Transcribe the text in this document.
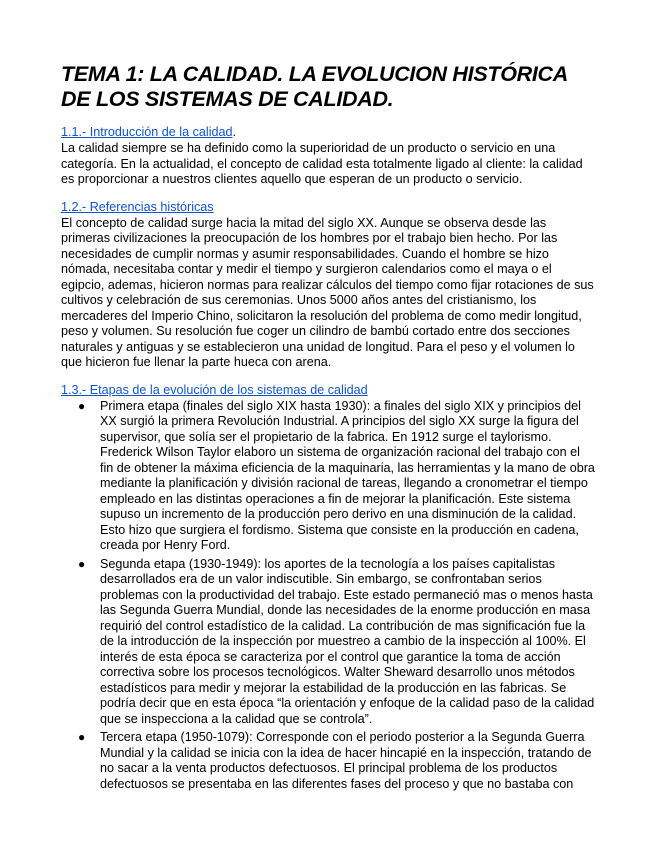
TEMA 1: LA CALIDAD. LA EVOLUCION HISTÓRICA DE LOS SISTEMAS DE CALIDAD.
1.1.- Introducción de la calidad.

La calidad siempre se ha definido como la superioridad de un producto o servicio en una categoría. En la actualidad, el concepto de calidad esta totalmente ligado al cliente: la calidad es proporcionar a nuestros clientes aquello que esperan de un producto o servicio.

1.2.- Referencias históricas

El concepto de calidad surge hacia la mitad del siglo XX. Aunque se observa desde las primeras civilizaciones la preocupación de los hombres por el trabajo bien hecho. Por las necesidades de cumplir normas y asumir responsabilidades. Cuando el hombre se hizo nómada, necesitaba contar y medir el tiempo y surgieron calendarios como el maya o el egipcio, ademas, hicieron normas para realizar cálculos del tiempo como fijar rotaciones de sus cultivos y celebración de sus ceremonias. Unos 5000 años antes del cristianismo, los mercaderes del Imperio Chino, solicitaron la resolución del problema de como medir longitud, peso y volumen. Su resolución fue coger un cilindro de bambú cortado entre dos secciones naturales y antiguas y se establecieron una unidad de longitud. Para el peso y el volumen lo que hicieron fue llenar la parte hueca con arena.

1.3.- Etapas de la evolución de los sistemas de calidad
● Primera etapa (finales del siglo XIX hasta 1930): a finales del siglo XIX y principios del XX surgió la primera Revolución Industrial. A principios del siglo XX surge la figura del supervisor, que solía ser el propietario de la fabrica. En 1912 surge el taylorismo. Frederick Wilson Taylor elaboro un sistema de organización racional del trabajo con el fin de obtener la máxima eficiencia de la maquinaria, las herramientas y la mano de obra mediante la planificación y división racional de tareas, llegando a cronometrar el tiempo empleado en las distintas operaciones a fin de mejorar la planificación. Este sistema supuso un incremento de la producción pero derivo en una disminución de la calidad. Esto hizo que surgiera el fordismo. Sistema que consiste en la producción en cadena, creada por Henry Ford.
● Segunda etapa (1930-1949): los aportes de la tecnología a los países capitalistas desarrollados era de un valor indiscutible. Sin embargo, se confrontaban serios problemas con la productividad del trabajo. Este estado permaneció mas o menos hasta las Segunda Guerra Mundial, donde las necesidades de la enorme producción en masa requirió del control estadístico de la calidad. La contribución de mas significación fue la de la introducción de la inspección por muestreo a cambio de la inspección al 100%. El interés de esta época se caracteriza por el control que garantice la toma de acción correctiva sobre los procesos tecnológicos. Walter Sheward desarrollo unos métodos estadísticos para medir y mejorar la estabilidad de la producción en las fabricas. Se podría decir que en esta época “la orientación y enfoque de la calidad paso de la calidad que se inspecciona a la calidad que se controla”.
● Tercera etapa (1950-1079): Corresponde con el periodo posterior a la Segunda Guerra Mundial y la calidad se inicia con la idea de hacer hincapié en la inspección, tratando de no sacar a la venta productos defectuosos. El principal problema de los productos defectuosos se presentaba en las diferentes fases del proceso y que no bastaba con
